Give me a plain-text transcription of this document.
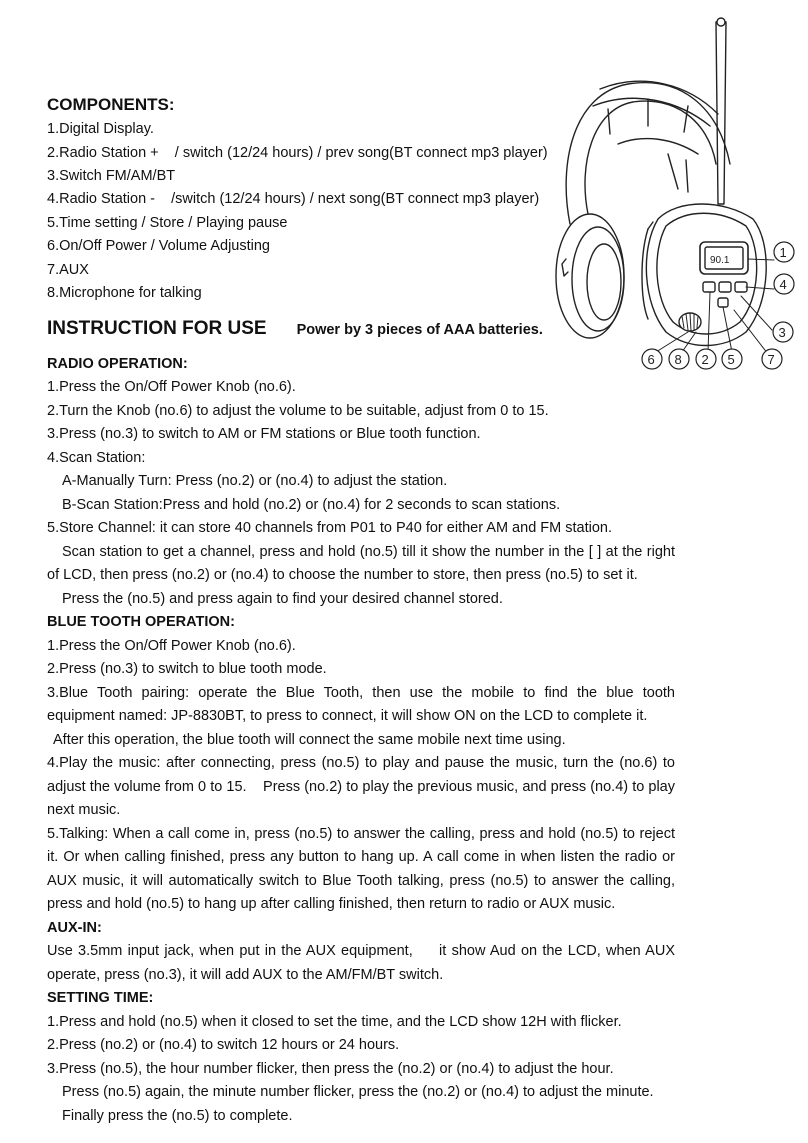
COMPONENTS:
1.Digital Display.
2.Radio Station +    / switch (12/24 hours) / prev song(BT connect mp3 player)
3.Switch FM/AM/BT
4.Radio Station -    /switch (12/24 hours) / next song(BT connect mp3 player)
5.Time setting / Store / Playing pause
6.On/Off Power / Volume Adjusting
7.AUX
8.Microphone for talking
INSTRUCTION FOR USE Power by 3 pieces of AAA batteries.
RADIO OPERATION:
1.Press the On/Off Power Knob (no.6).
2.Turn the Knob (no.6) to adjust the volume to be suitable, adjust from 0 to 15.
3.Press (no.3) to switch to AM or FM stations or Blue tooth function.
4.Scan Station:
A-Manually Turn: Press (no.2) or (no.4) to adjust the station.
B-Scan Station:Press and hold (no.2) or (no.4) for 2 seconds to scan stations.
5.Store Channel: it can store 40 channels from P01 to P40 for either AM and FM station.
Scan station to get a channel, press and hold (no.5) till it show the number in the [ ] at the right
of LCD, then press (no.2) or (no.4) to choose the number to store, then press (no.5) to set it.
Press the (no.5) and press again to find your desired channel stored.
BLUE TOOTH OPERATION:
1.Press the On/Off Power Knob (no.6).
2.Press (no.3) to switch to blue tooth mode.
3.Blue Tooth pairing: operate the Blue Tooth, then use the mobile to find the blue tooth
equipment named: JP-8830BT, to press to connect, it will show ON on the LCD to complete it.
After this operation, the blue tooth will connect the same mobile next time using.
4.Play the music: after connecting, press (no.5) to play and pause the music, turn the (no.6) to
adjust the volume from 0 to 15.    Press (no.2) to play the previous music, and press (no.4) to play
next music.
5.Talking: When a call come in, press (no.5) to answer the calling, press and hold (no.5) to reject
it. Or when calling finished, press any button to hang up. A call come in when listen the radio or
AUX music, it will automatically switch to Blue Tooth talking, press (no.5) to answer the calling,
press and hold (no.5) to hang up after calling finished, then return to radio or AUX music.
AUX-IN:
Use 3.5mm input jack, when put in the AUX equipment,     it show Aud on the LCD, when AUX
operate, press (no.3), it will add AUX to the AM/FM/BT switch.
SETTING TIME:
1.Press and hold (no.5) when it closed to set the time, and the LCD show 12H with flicker.
2.Press (no.2) or (no.4) to switch 12 hours or 24 hours.
3.Press (no.5), the hour number flicker, then press the (no.2) or (no.4) to adjust the hour.
Press (no.5) again, the minute number flicker, press the (no.2) or (no.4) to adjust the minute.
Finally press the (no.5) to complete.
90.1
1
4
3
6 8 2 5	7
